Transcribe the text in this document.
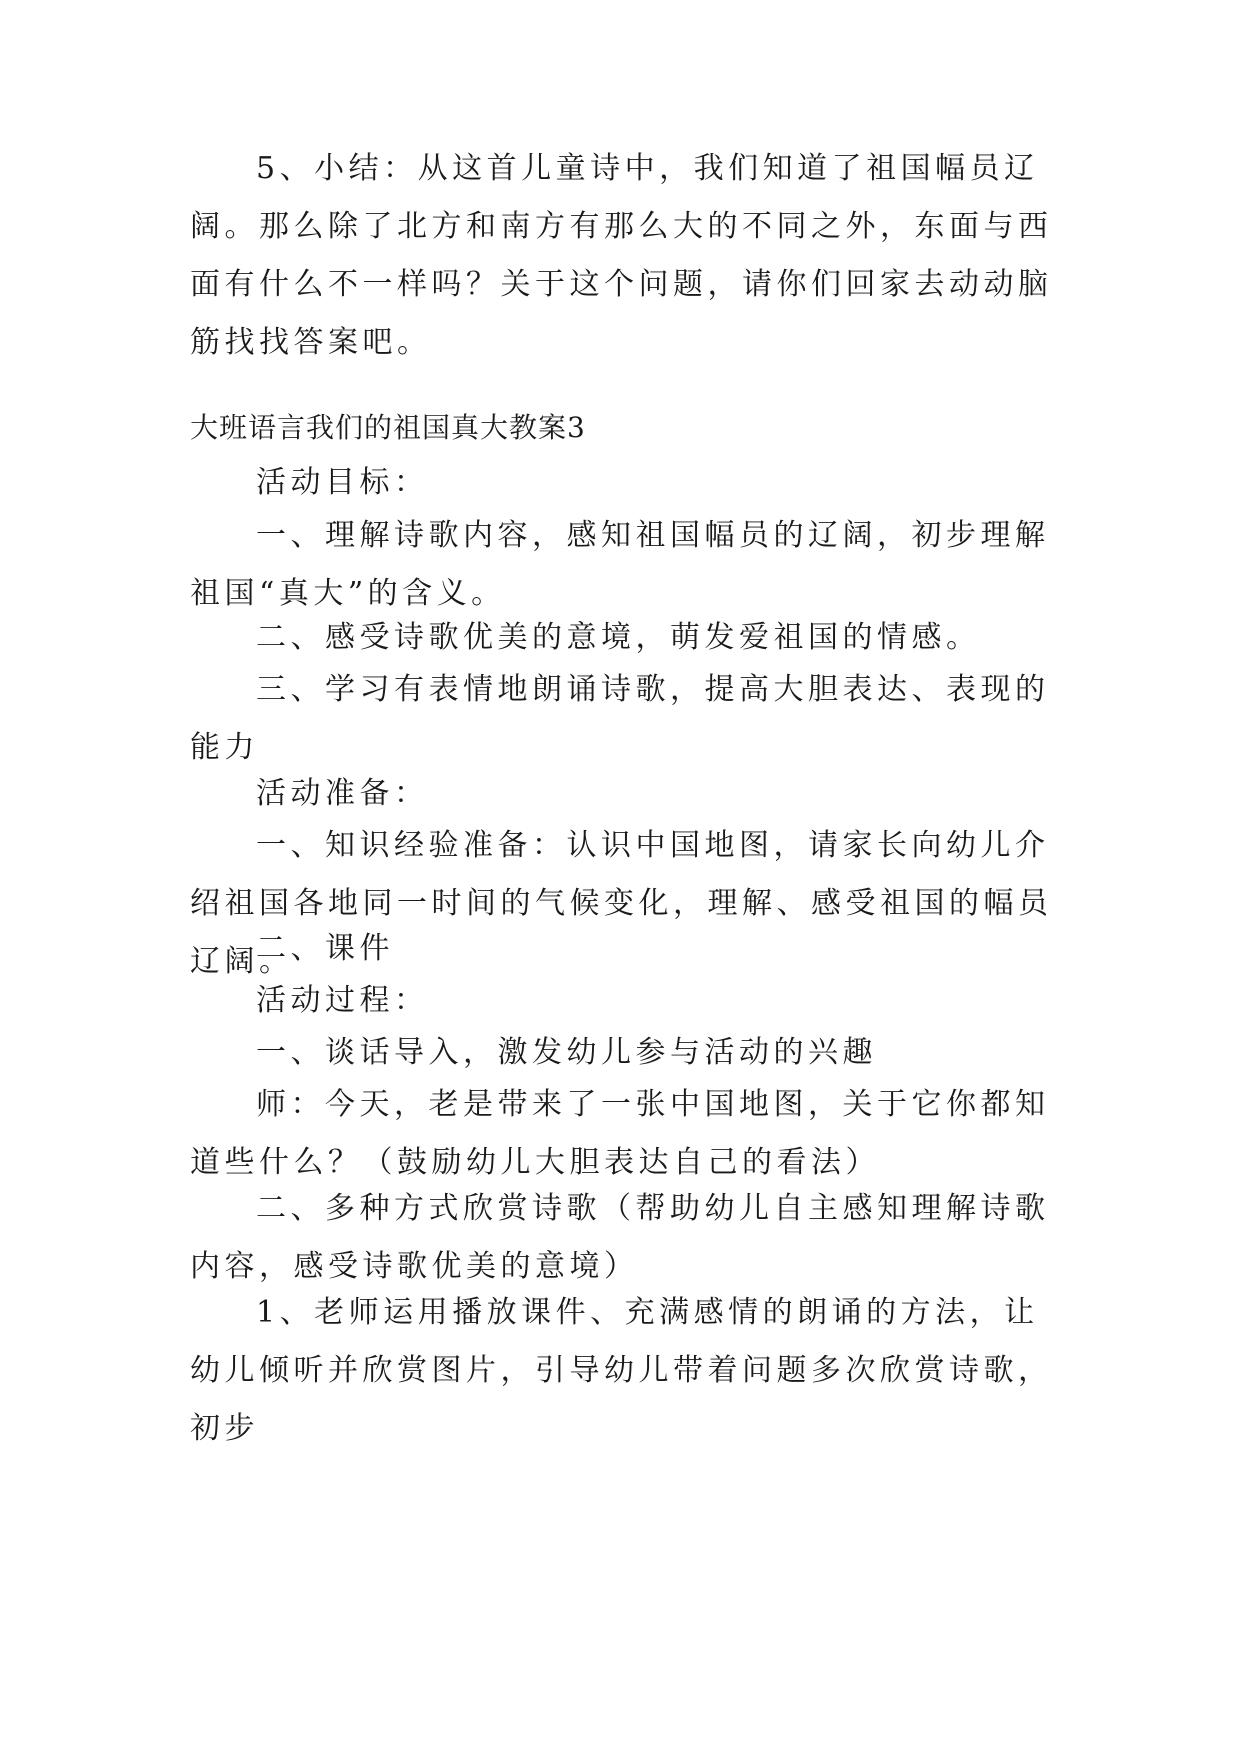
5、小结：从这首儿童诗中，我们知道了祖国幅员辽阔。那么除了北方和南方有那么大的不同之外，东面与西面有什么不一样吗？关于这个问题，请你们回家去动动脑筋找找答案吧。

大班语言我们的祖国真大教案3

活动目标：

一、理解诗歌内容，感知祖国幅员的辽阔，初步理解祖国“真大”的含义。

二、感受诗歌优美的意境，萌发爱祖国的情感。

三、学习有表情地朗诵诗歌，提高大胆表达、表现的能力

活动准备：

一、知识经验准备：认识中国地图，请家长向幼儿介绍祖国各地同一时间的气候变化，理解、感受祖国的幅员辽阔。

二、课件

活动过程：

一、谈话导入，激发幼儿参与活动的兴趣

师：今天，老是带来了一张中国地图，关于它你都知道些什么？（鼓励幼儿大胆表达自己的看法）

二、多种方式欣赏诗歌（帮助幼儿自主感知理解诗歌内容，感受诗歌优美的意境）

1、老师运用播放课件、充满感情的朗诵的方法，让幼儿倾听并欣赏图片，引导幼儿带着问题多次欣赏诗歌，初步
